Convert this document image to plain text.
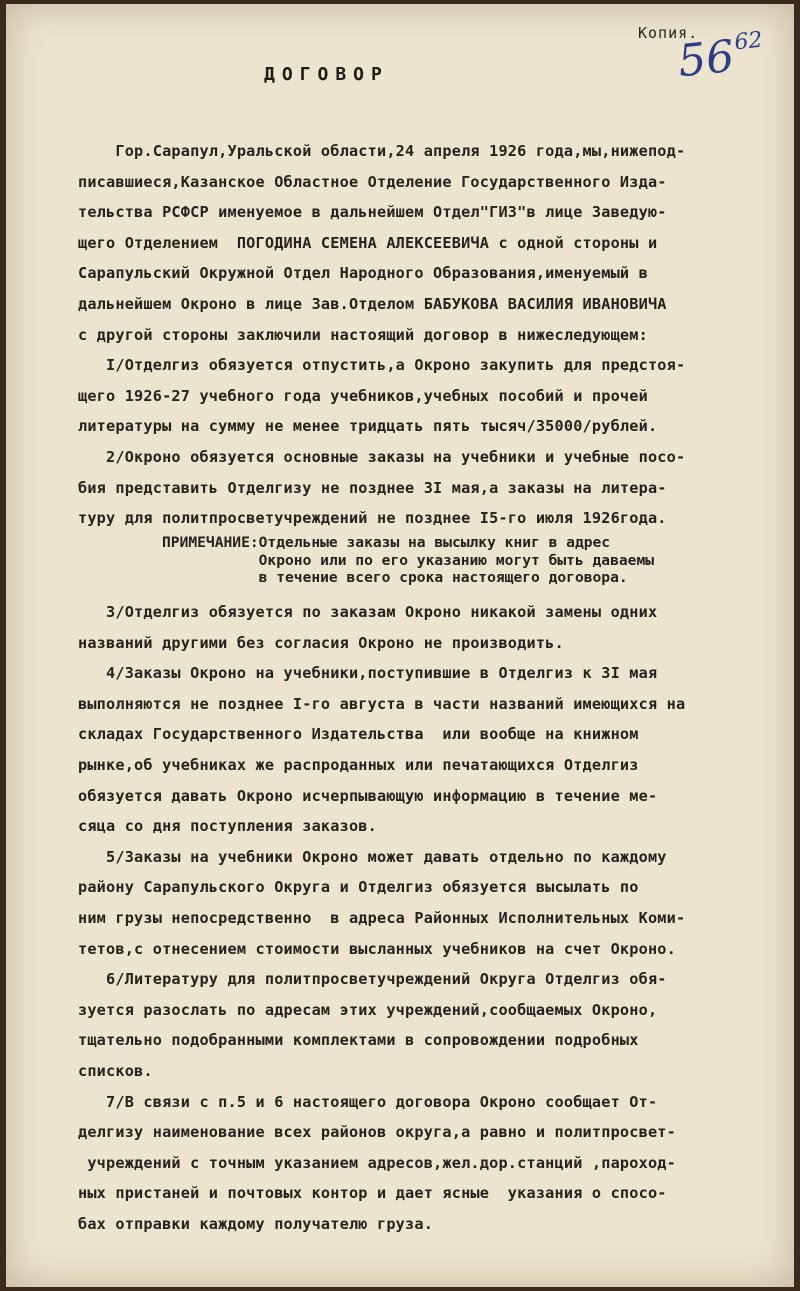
Копия.
$56^{62}$
ДОГОВОР
Гор.Сарапул,Уральской области,24 апреля 1926 года,мы,нижепод-
писавшиеся,Казанское Областное Отделение Государственного Изда-
тельства РСФСР именуемое в дальнейшем Отдел"ГИЗ"в лице Заведую-
щего Отделением  ПОГОДИНА СЕМЕНА АЛЕКСЕЕВИЧА с одной стороны и
Сарапульский Окружной Отдел Народного Образования,именуемый в
дальнейшем Окроно в лице Зав.Отделом БАБУКОВА ВАСИЛИЯ ИВАНОВИЧА
с другой стороны заключили настоящий договор в нижеследующем:
I/Отделгиз обязуется отпустить,а Окроно закупить для предстоя-
щего 1926-27 учебного года учебников,учебных пособий и прочей
литературы на сумму не менее тридцать пять тысяч/35000/рублей.
2/Окроно обязуется основные заказы на учебники и учебные посо-
бия представить Отделгизу не позднее 3I мая,а заказы на литера-
туру для политпросветучреждений не позднее I5-го июля 1926года.
ПРИМЕЧАНИЕ:Отдельные заказы на высылку книг в адрес
Окроно или по его указанию могут быть даваемы
в течение всего срока настоящего договора.
3/Отделгиз обязуется по заказам Окроно никакой замены одних
названий другими без согласия Окроно не производить.
4/Заказы Окроно на учебники,поступившие в Отделгиз к 3I мая
выполняются не позднее I-го августа в части названий имеющихся на
складах Государственного Издательства  или вообще на книжном
рынке,об учебниках же распроданных или печатающихся Отделгиз
обязуется давать Окроно исчерпывающую информацию в течение ме-
сяца со дня поступления заказов.
5/Заказы на учебники Окроно может давать отдельно по каждому
району Сарапульского Округа и Отделгиз обязуется высылать по
ним грузы непосредственно  в адреса Районных Исполнительных Коми-
тетов,с отнесением стоимости высланных учебников на счет Окроно.
6/Литературу для политпросветучреждений Округа Отделгиз обя-
зуется разослать по адресам этих учреждений,сообщаемых Окроно,
тщательно подобранными комплектами в сопровождении подробных
списков.
7/В связи с п.5 и 6 настоящего договора Окроно сообщает От-
делгизу наименование всех районов округа,а равно и политпросвет-
учреждений с точным указанием адресов,жел.дор.станций ,пароход-
ных пристаней и почтовых контор и дает ясные  указания о спосо-
бах отправки каждому получателю груза.
